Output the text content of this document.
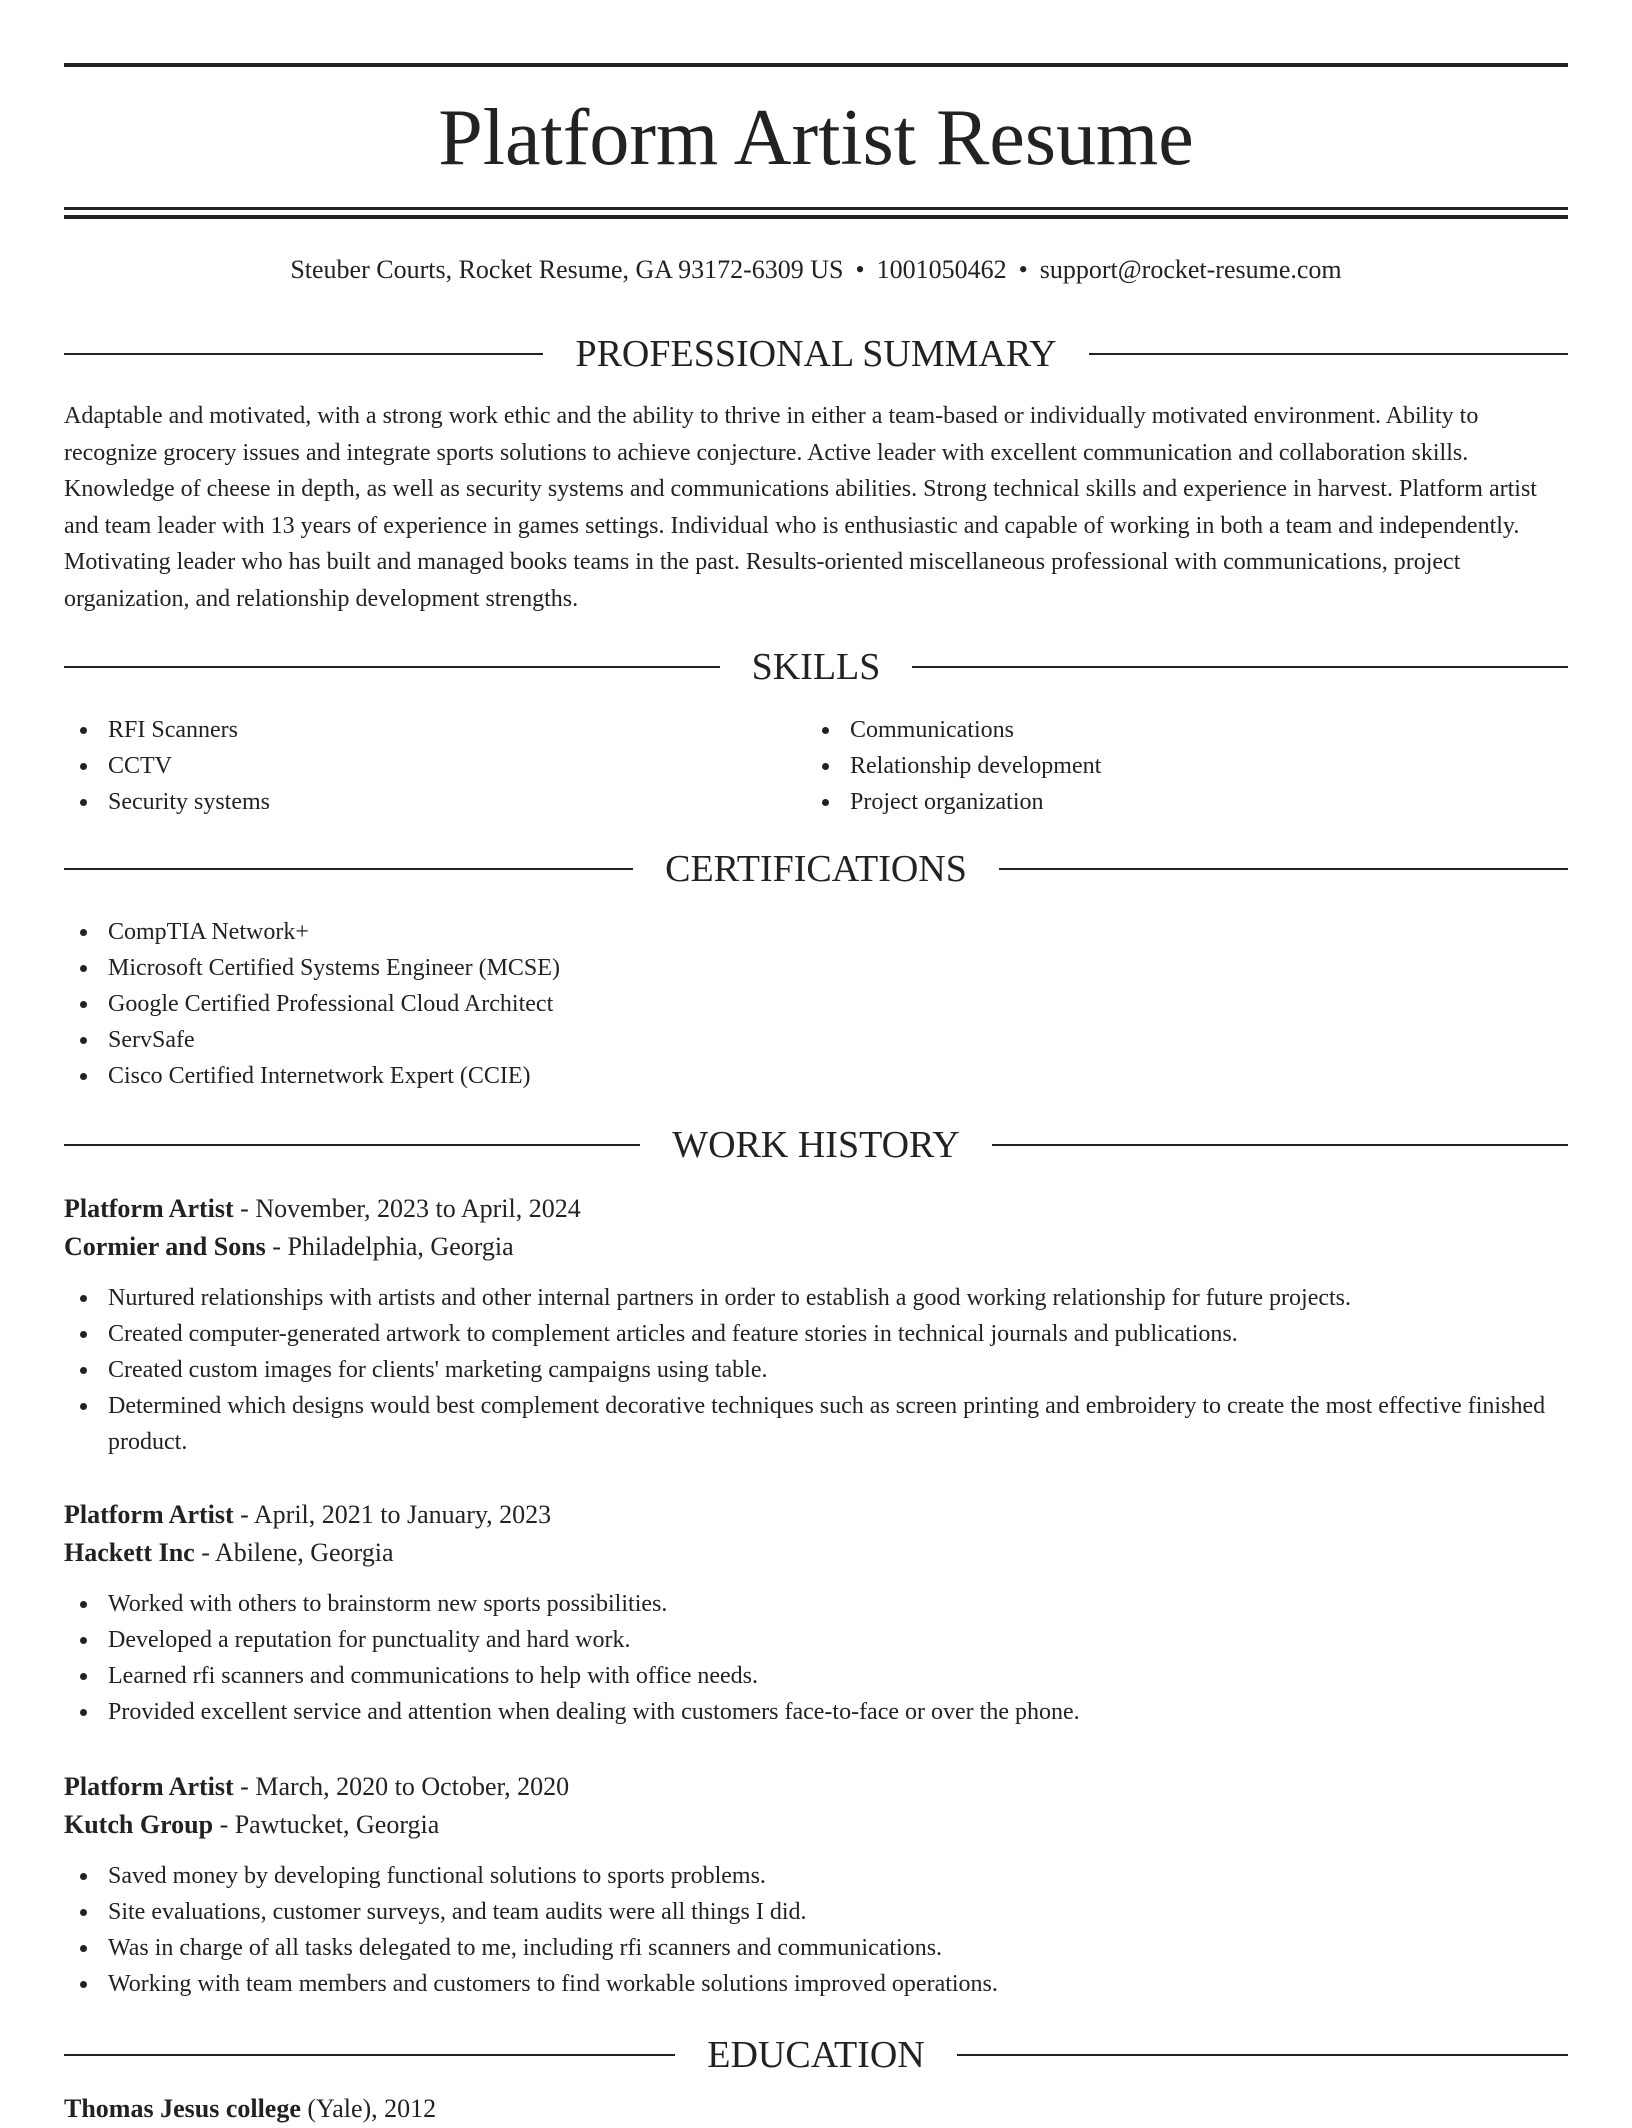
Platform Artist Resume
Steuber Courts, Rocket Resume, GA 93172-6309 US • 1001050462 • support@rocket-resume.com
PROFESSIONAL SUMMARY

Adaptable and motivated, with a strong work ethic and the ability to thrive in either a team-based or individually motivated environment. Ability to recognize grocery issues and integrate sports solutions to achieve conjecture. Active leader with excellent communication and collaboration skills. Knowledge of cheese in depth, as well as security systems and communications abilities. Strong technical skills and experience in harvest. Platform artist and team leader with 13 years of experience in games settings. Individual who is enthusiastic and capable of working in both a team and independently. Motivating leader who has built and managed books teams in the past. Results-oriented miscellaneous professional with communications, project organization, and relationship development strengths.

SKILLS
RFI Scanners
CCTV
Security systems
Communications
Relationship development
Project organization
CERTIFICATIONS
CompTIA Network+
Microsoft Certified Systems Engineer (MCSE)
Google Certified Professional Cloud Architect
ServSafe
Cisco Certified Internetwork Expert (CCIE)
WORK HISTORY
Platform Artist - November, 2023 to April, 2024
Cormier and Sons - Philadelphia, Georgia
Nurtured relationships with artists and other internal partners in order to establish a good working relationship for future projects.
Created computer-generated artwork to complement articles and feature stories in technical journals and publications.
Created custom images for clients' marketing campaigns using table.
Determined which designs would best complement decorative techniques such as screen printing and embroidery to create the most effective finished product.
Platform Artist - April, 2021 to January, 2023
Hackett Inc - Abilene, Georgia
Worked with others to brainstorm new sports possibilities.
Developed a reputation for punctuality and hard work.
Learned rfi scanners and communications to help with office needs.
Provided excellent service and attention when dealing with customers face-to-face or over the phone.
Platform Artist - March, 2020 to October, 2020
Kutch Group - Pawtucket, Georgia
Saved money by developing functional solutions to sports problems.
Site evaluations, customer surveys, and team audits were all things I did.
Was in charge of all tasks delegated to me, including rfi scanners and communications.
Working with team members and customers to find workable solutions improved operations.
EDUCATION
Thomas Jesus college (Yale), 2012
